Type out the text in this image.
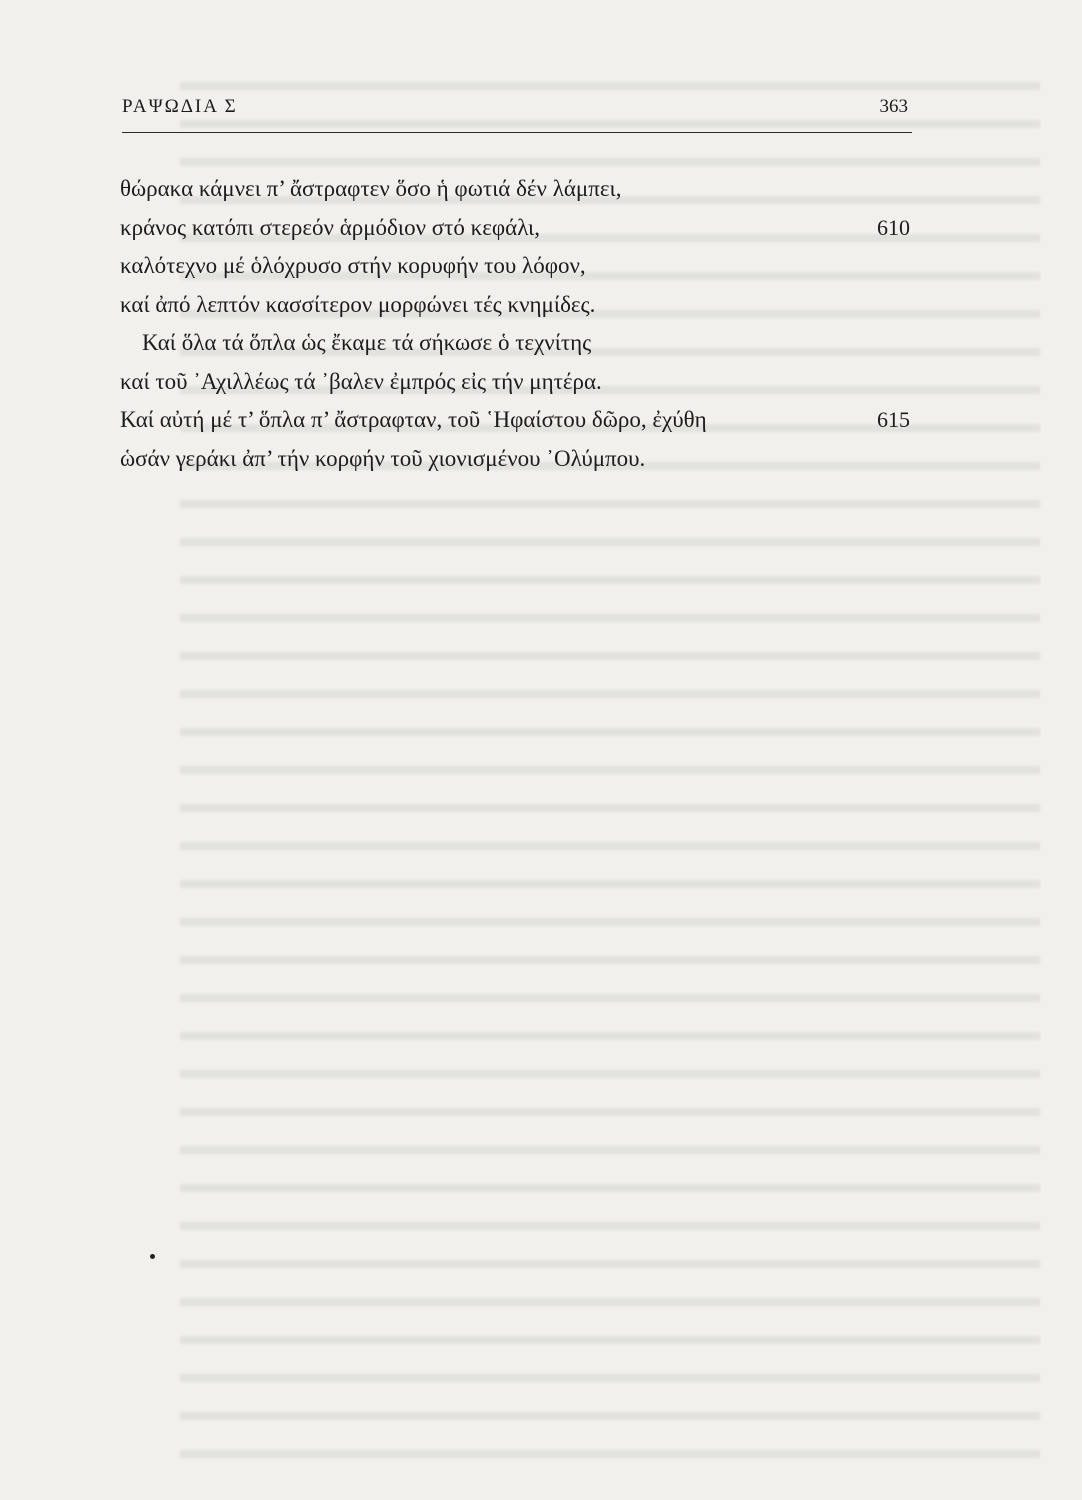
ΡΑΨΩΔΙΑ Σ	363
θώρακα κάμνει π’ ἄστραφτεν ὅσο ἡ φωτιά δέν λάμπει,
κράνος κατόπι στερεόν ἁρμόδιον στό κεφάλι,	610
καλότεχνο μέ ὁλόχρυσο στήν κορυφήν του λόφον,
καί ἀπό λεπτόν κασσίτερον μορφώνει τές κνημίδες.
Καί ὅλα τά ὅπλα ὡς ἔκαμε τά σήκωσε ὁ τεχνίτης
καί τοῦ ᾿Αχιλλέως τά ᾿βαλεν ἐμπρός εἰς τήν μητέρα.
Καί αὐτή μέ τ’ ὅπλα π’ ἄστραφταν, τοῦ ῾Ηφαίστου δῶρο, ἐχύθη	615
ὡσάν γεράκι ἀπ’ τήν κορφήν τοῦ χιονισμένου ᾿Ολύμπου.
